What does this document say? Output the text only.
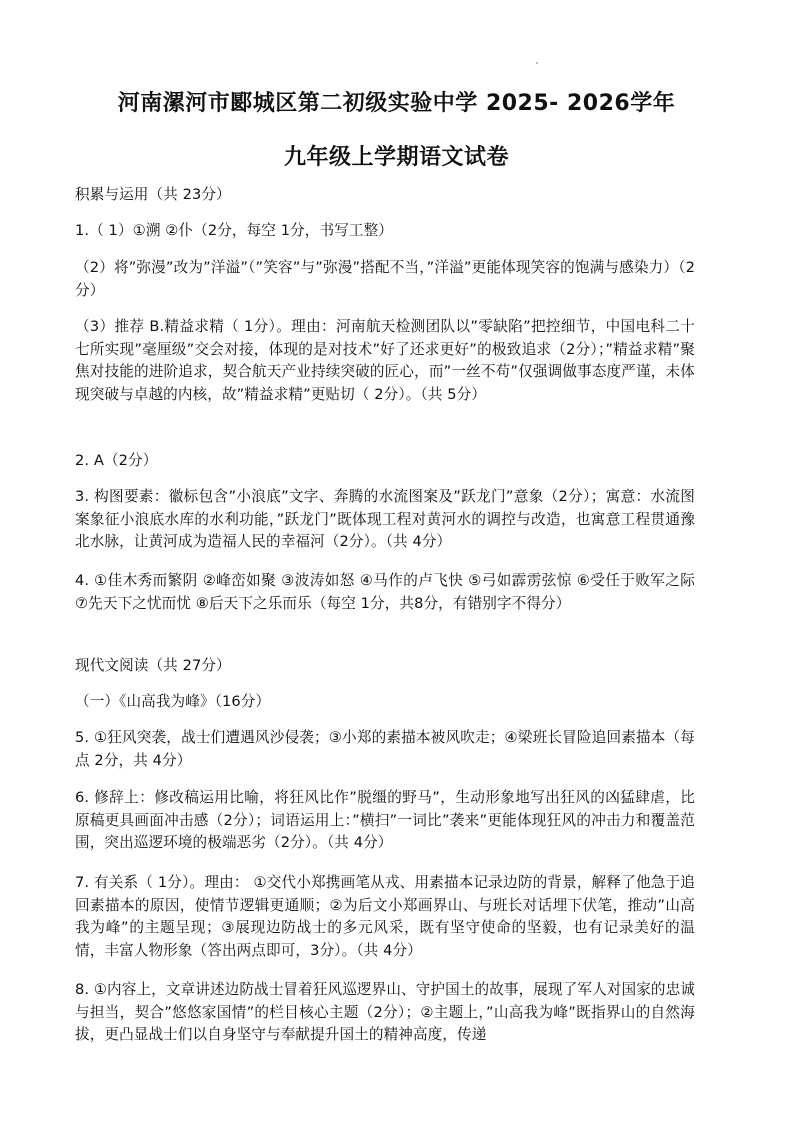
河南漯河市郾城区第二初级实验中学 2025- 2026学年
九年级上学期语文试卷
积累与运用（共 23分）
1.（ 1）①溯 ②仆（2分，每空 1分，书写工整）
（2）将”弥漫”改为”洋溢”（”笑容”与”弥漫”搭配不当，”洋溢”更能体现笑容的饱满与感染力）（2分）
（3）推荐 B.精益求精（ 1分）。理由：河南航天检测团队以”零缺陷”把控细节，中国电科二十七所实现”毫厘级”交会对接，体现的是对技术”好了还求更好”的极致追求（2分）；”精益求精”聚焦对技能的进阶追求，契合航天产业持续突破的匠心，而”一丝不苟”仅强调做事态度严谨，未体现突破与卓越的内核，故”精益求精”更贴切（ 2分）。（共 5分）
2. A（2分）
3. 构图要素：徽标包含”小浪底”文字、奔腾的水流图案及”跃龙门”意象（2分）；寓意：水流图案象征小浪底水库的水利功能，”跃龙门”既体现工程对黄河水的调控与改造，也寓意工程贯通豫北水脉，让黄河成为造福人民的幸福河（2分）。（共 4分）
4. ①佳木秀而繁阴 ②峰峦如聚 ③波涛如怒 ④马作的卢飞快 ⑤弓如霹雳弦惊 ⑥受任于败军之际 ⑦先天下之忧而忧 ⑧后天下之乐而乐（每空 1分，共8分，有错别字不得分）
现代文阅读（共 27分）
（一）《山高我为峰》（16分）
5. ①狂风突袭，战士们遭遇风沙侵袭；③小郑的素描本被风吹走；④梁班长冒险追回素描本（每点 2分，共 4分）
6. 修辞上：修改稿运用比喻，将狂风比作”脱缰的野马”，生动形象地写出狂风的凶猛肆虐，比原稿更具画面冲击感（2分）；词语运用上：”横扫”一词比”袭来”更能体现狂风的冲击力和覆盖范围，突出巡逻环境的极端恶劣（2分）。（共 4分）
7. 有关系（ 1分）。理由： ①交代小郑携画笔从戎、用素描本记录边防的背景，解释了他急于追回素描本的原因，使情节逻辑更通顺；②为后文小郑画界山、与班长对话埋下伏笔，推动”山高我为峰”的主题呈现；③展现边防战士的多元风采，既有坚守使命的坚毅，也有记录美好的温情，丰富人物形象（答出两点即可，3分）。（共 4分）
8. ①内容上，文章讲述边防战士冒着狂风巡逻界山、守护国土的故事，展现了军人对国家的忠诚与担当，契合”悠悠家国情”的栏目核心主题（2分）；②主题上，”山高我为峰”既指界山的自然海拔，更凸显战士们以自身坚守与奉献提升国土的精神高度，传递
